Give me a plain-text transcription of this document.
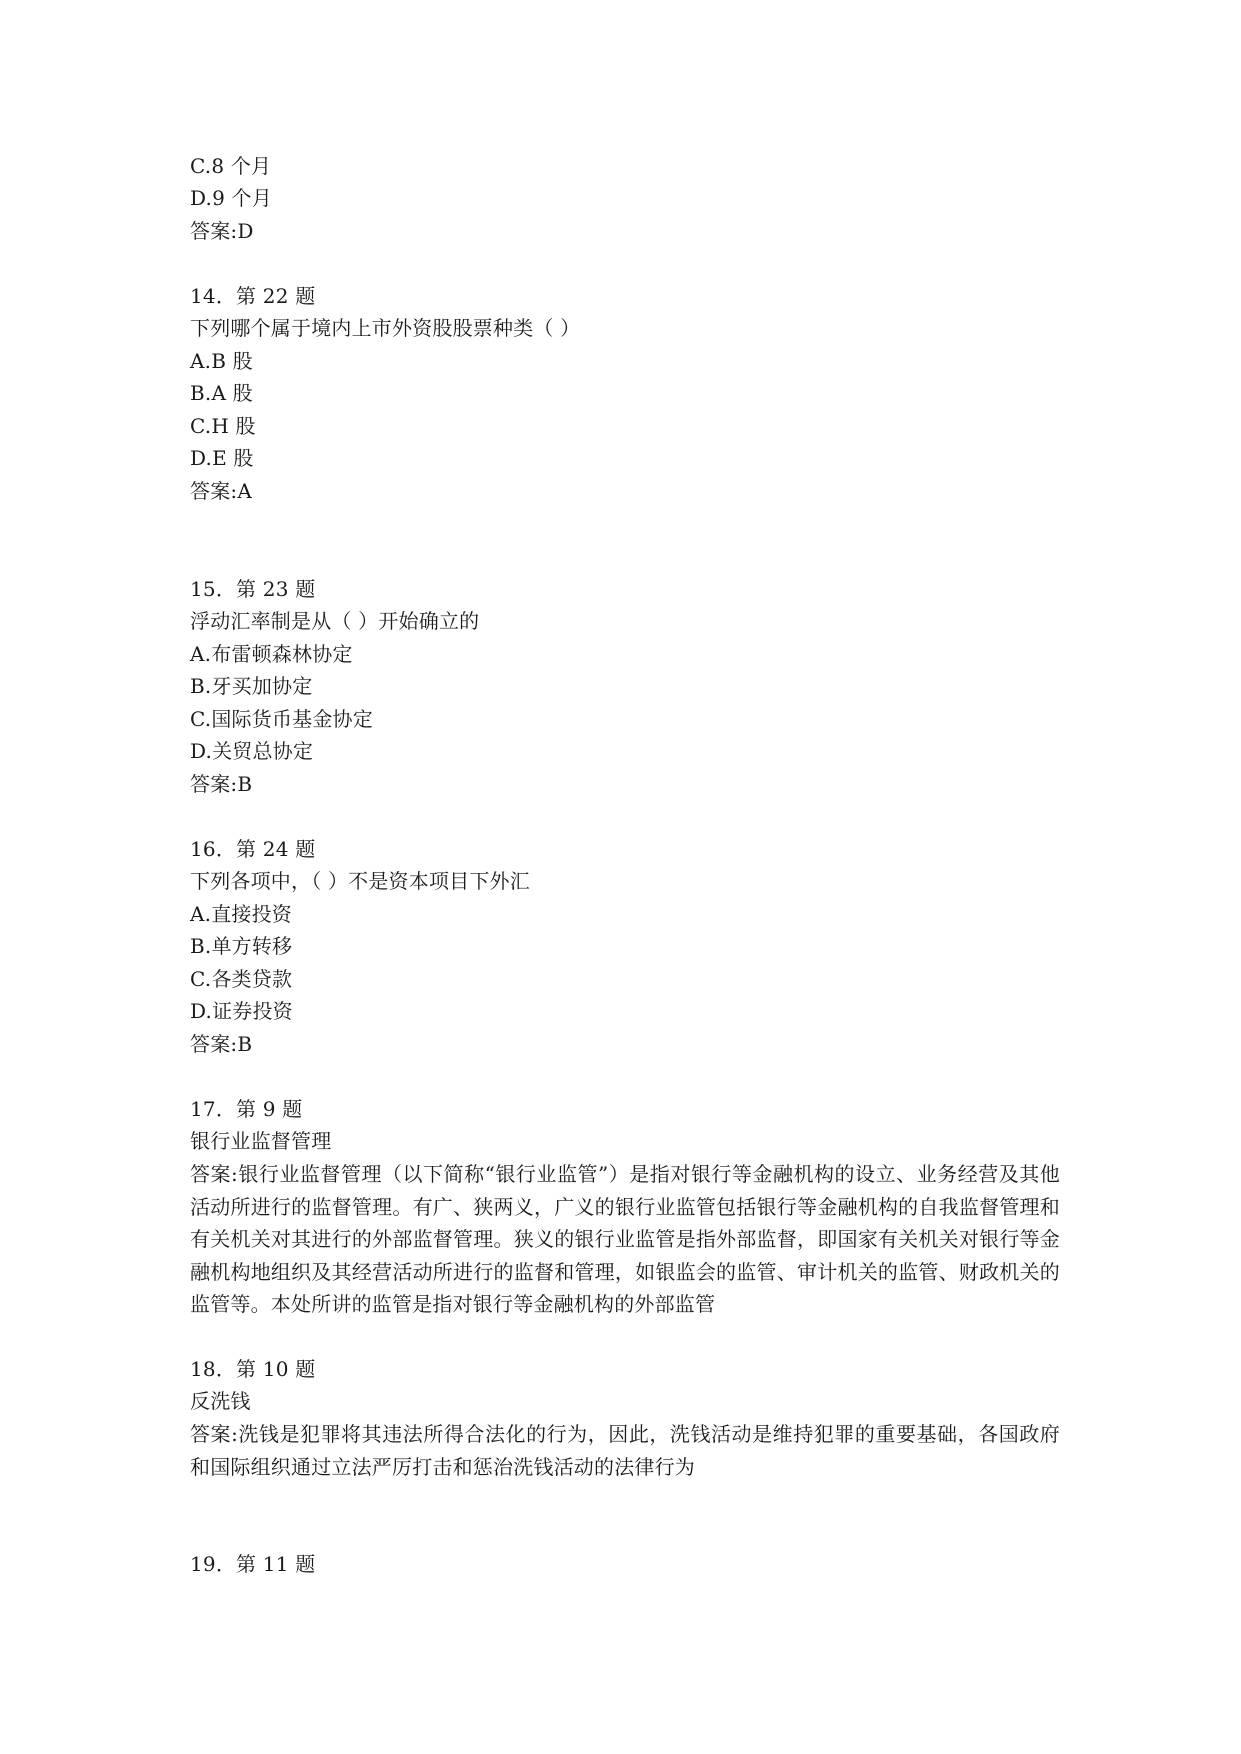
C.8 个月
D.9 个月
答案:D
14．第 22 题
下列哪个属于境内上市外资股股票种类（ ）
A.B 股
B.A 股
C.H 股
D.E 股
答案:A
15．第 23 题
浮动汇率制是从（ ）开始确立的
A.布雷顿森林协定
B.牙买加协定
C.国际货币基金协定
D.关贸总协定
答案:B
16．第 24 题
下列各项中，（ ）不是资本项目下外汇
A.直接投资
B.单方转移
C.各类贷款
D.证券投资
答案:B
17．第 9 题
银行业监督管理
答案:银行业监督管理（以下简称“银行业监管”）是指对银行等金融机构的设立、业务经营及其他活动所进行的监督管理。有广、狭两义，广义的银行业监管包括银行等金融机构的自我监督管理和有关机关对其进行的外部监督管理。狭义的银行业监管是指外部监督，即国家有关机关对银行等金融机构地组织及其经营活动所进行的监督和管理，如银监会的监管、审计机关的监管、财政机关的监管等。本处所讲的监管是指对银行等金融机构的外部监管
18．第 10 题
反洗钱
答案:洗钱是犯罪将其违法所得合法化的行为，因此，洗钱活动是维持犯罪的重要基础，各国政府和国际组织通过立法严厉打击和惩治洗钱活动的法律行为
19．第 11 题
